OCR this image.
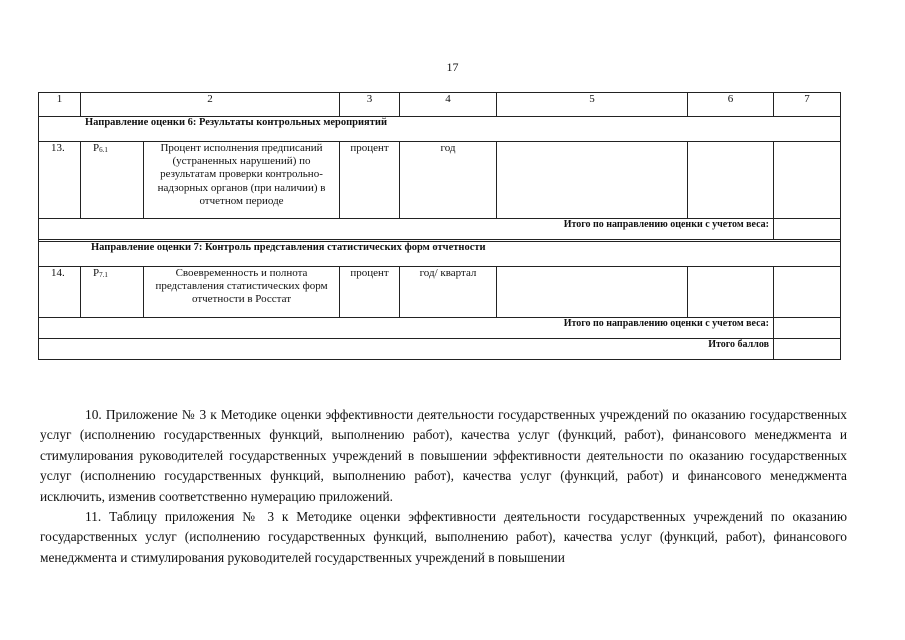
17
1	2		3	4	5	6	7
Направление оценки 6: Результаты контрольных мероприятий							
13.	Р6.1	Процент исполнения предписаний (устраненных нарушений) по результатам проверки контрольно-надзорных органов (при наличии) в отчетном периоде	процент	год			
Итого по направлению оценки с учетом веса:							

Направление оценки 7: Контроль представления статистических форм отчетности							
14.	Р7.1	Своевременность и полнота представления статистических форм отчетности в Росстат	процент	год/ квартал			
Итого по направлению оценки с учетом веса:							
Итого баллов							

10. Приложение № 3 к Методике оценки эффективности деятельности государственных учреждений по оказанию государственных услуг (исполнению государственных функций, выполнению работ), качества услуг (функций, работ), финансового менеджмента и стимулирования руководителей государственных учреждений в повышении эффективности деятельности по оказанию государственных услуг (исполнению государственных функций, выполнению работ), качества услуг (функций, работ) и финансового менеджмента исключить, изменив соответственно нумерацию приложений.

11. Таблицу приложения № 3 к Методике оценки эффективности деятельности государственных учреждений по оказанию государственных услуг (исполнению государственных функций, выполнению работ), качества услуг (функций, работ), финансового менеджмента и стимулирования руководителей государственных учреждений в повышении
